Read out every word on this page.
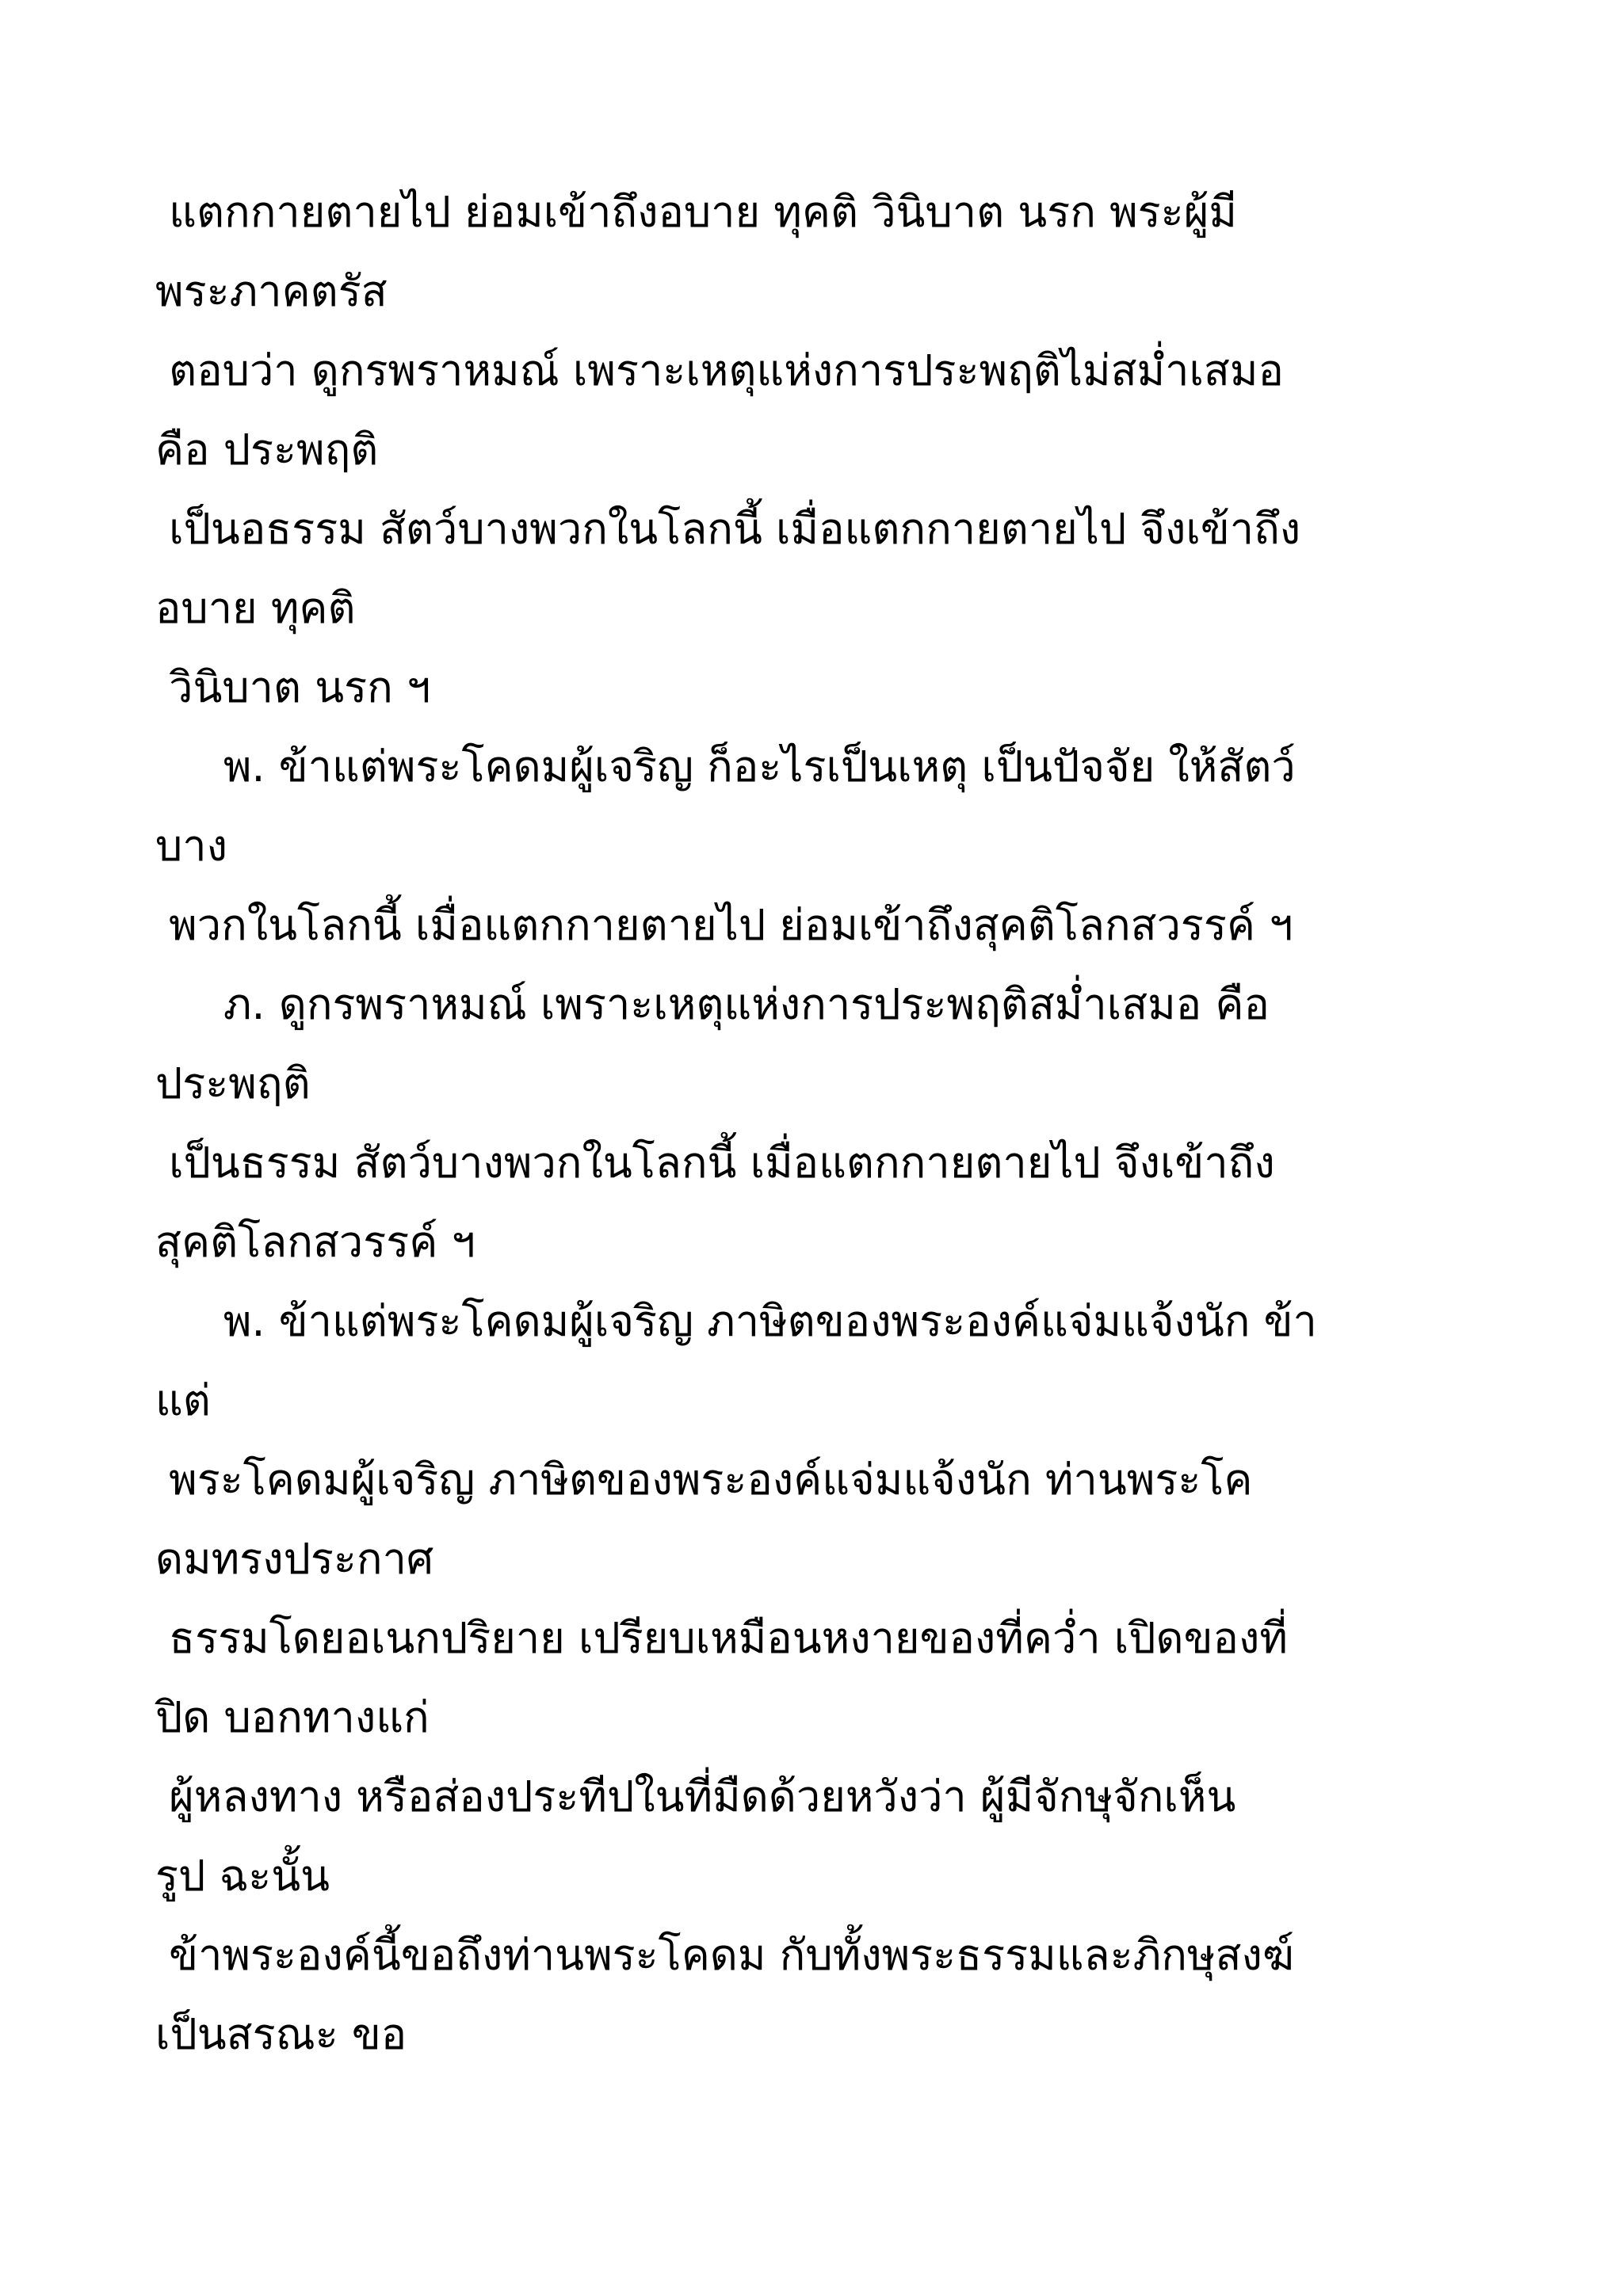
แตกกายตายไป ย่อมเข้าถึงอบาย ทุคติ วินิบาต นรก พระผู้มี
พระภาคตรัส
ตอบว่า ดูกรพราหมณ์ เพราะเหตุแห่งการประพฤติไม่สม่ำเสมอ
คือ ประพฤติ
เป็นอธรรม สัตว์บางพวกในโลกนี้ เมื่อแตกกายตายไป จึงเข้าถึง
อบาย ทุคติ
วินิบาต นรก ฯ
พ. ข้าแต่พระโคดมผู้เจริญ ก็อะไรเป็นเหตุ เป็นปัจจัย ให้สัตว์
บาง
พวกในโลกนี้ เมื่อแตกกายตายไป ย่อมเข้าถึงสุคติโลกสวรรค์ ฯ
ภ. ดูกรพราหมณ์ เพราะเหตุแห่งการประพฤติสม่ำเสมอ คือ
ประพฤติ
เป็นธรรม สัตว์บางพวกในโลกนี้ เมื่อแตกกายตายไป จึงเข้าถึง
สุคติโลกสวรรค์ ฯ
พ. ข้าแต่พระโคดมผู้เจริญ ภาษิตของพระองค์แจ่มแจ้งนัก ข้า
แต่
พระโคดมผู้เจริญ ภาษิตของพระองค์แจ่มแจ้งนัก ท่านพระโค
ดมทรงประกาศ
ธรรมโดยอเนกปริยาย เปรียบเหมือนหงายของที่คว่ำ เปิดของที่
ปิด บอกทางแก่
ผู้หลงทาง หรือส่องประทีปในที่มืดด้วยหวังว่า ผู้มีจักษุจักเห็น
รูป ฉะนั้น
ข้าพระองค์นี้ขอถึงท่านพระโคดม กับทั้งพระธรรมและภิกษุสงฆ์
เป็นสรณะ ขอ
